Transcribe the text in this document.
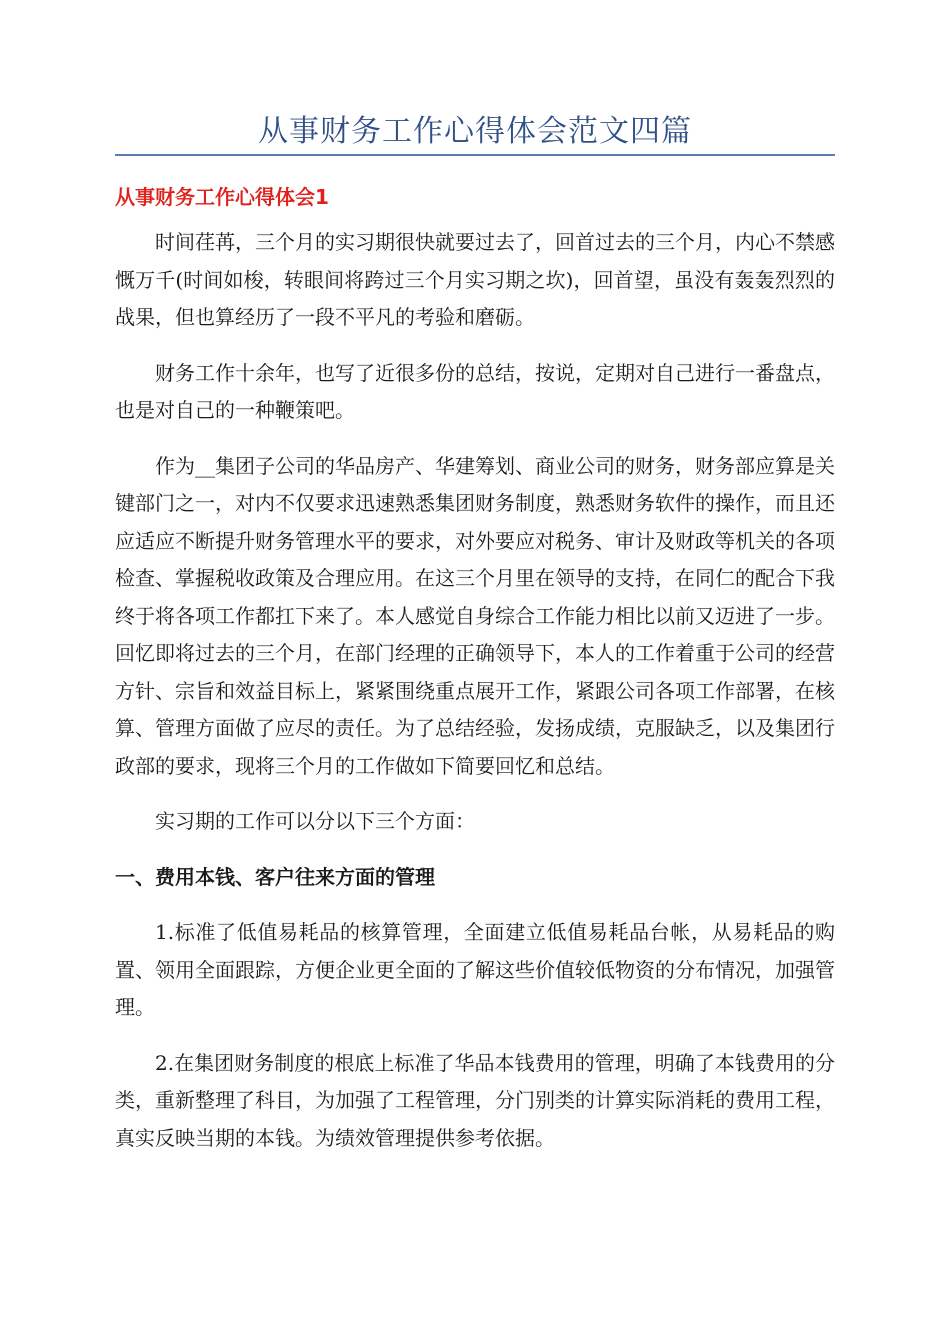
从事财务工作心得体会范文四篇
从事财务工作心得体会1

时间荏苒，三个月的实习期很快就要过去了，回首过去的三个月，内心不禁感慨万千(时间如梭，转眼间将跨过三个月实习期之坎)，回首望，虽没有轰轰烈烈的战果，但也算经历了一段不平凡的考验和磨砺。

财务工作十余年，也写了近很多份的总结，按说，定期对自己进行一番盘点，也是对自己的一种鞭策吧。

作为__集团子公司的华品房产、华建筹划、商业公司的财务，财务部应算是关键部门之一，对内不仅要求迅速熟悉集团财务制度，熟悉财务软件的操作，而且还应适应不断提升财务管理水平的要求，对外要应对税务、审计及财政等机关的各项检查、掌握税收政策及合理应用。在这三个月里在领导的支持，在同仁的配合下我终于将各项工作都扛下来了。本人感觉自身综合工作能力相比以前又迈进了一步。回忆即将过去的三个月，在部门经理的正确领导下，本人的工作着重于公司的经营方针、宗旨和效益目标上，紧紧围绕重点展开工作，紧跟公司各项工作部署，在核算、管理方面做了应尽的责任。为了总结经验，发扬成绩，克服缺乏，以及集团行政部的要求，现将三个月的工作做如下简要回忆和总结。

实习期的工作可以分以下三个方面：

一、费用本钱、客户往来方面的管理

1.标准了低值易耗品的核算管理，全面建立低值易耗品台帐，从易耗品的购置、领用全面跟踪，方便企业更全面的了解这些价值较低物资的分布情况，加强管理。

2.在集团财务制度的根底上标准了华品本钱费用的管理，明确了本钱费用的分类，重新整理了科目，为加强了工程管理，分门别类的计算实际消耗的费用工程，真实反映当期的本钱。为绩效管理提供参考依据。
